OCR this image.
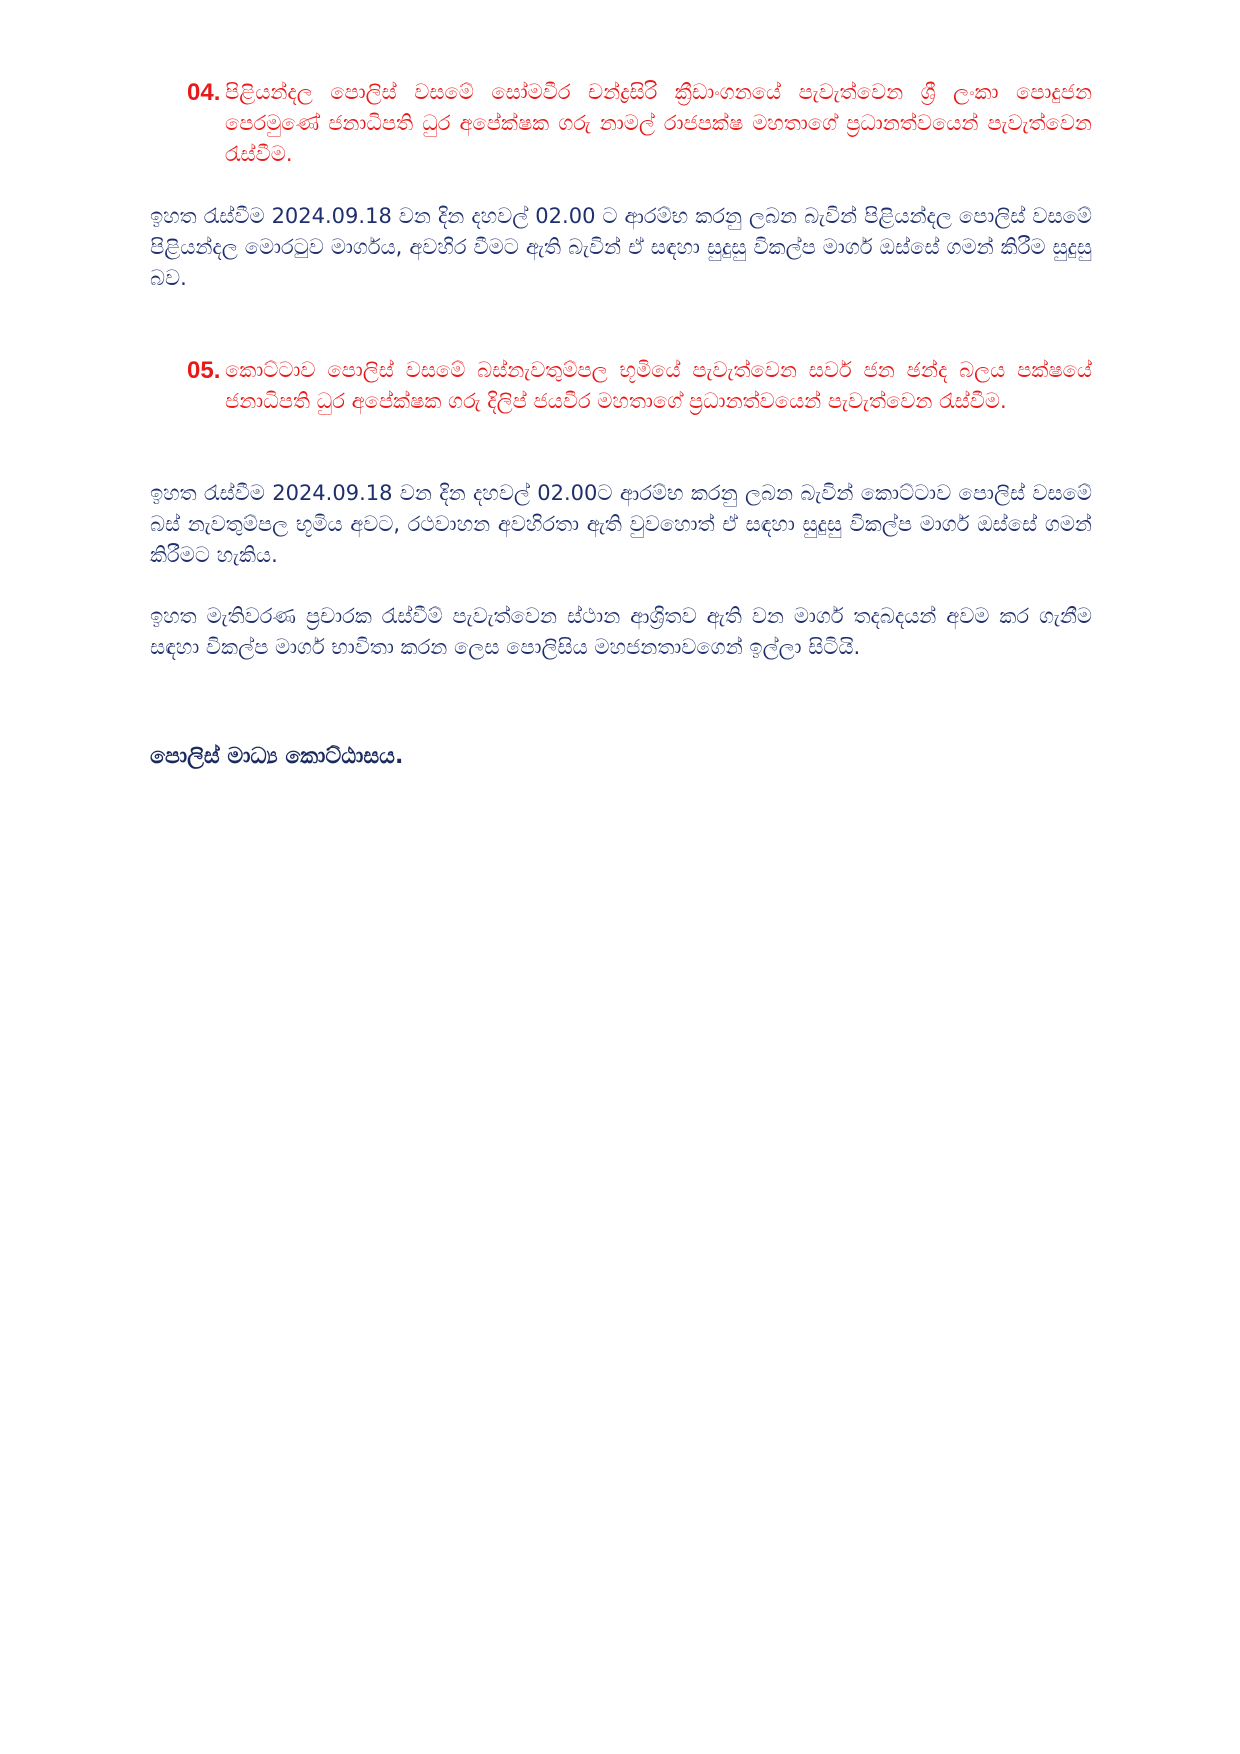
04. පිළියන්දල පොලිස් වසමේ සෝමවීර චන්ද්‍රසිරි ක්‍රීඩාංගනයේ පැවැත්වෙන ශ්‍රී ලංකා පොදුජන පෙරමුණේ ජනාධිපති ධුර අපේක්ෂක ගරු නාමල් රාජපක්ෂ මහතාගේ ප්‍රධානත්වයෙන් පැවැත්වෙන රැස්වීම.
ඉහත රැස්වීම 2024.09.18 වන දින දහවල් 02.00 ට ආරම්භ කරනු ලබන බැවින් පිළියන්දල පොලිස් වසමේ පිළියන්දල මොරටුව මාර්ගය, අවහිර වීමට ඇති බැවින් ඒ සඳහා සුදුසු විකල්ප මාර්ග ඔස්සේ ගමන් කිරීම සුදුසු බව.
05. කොට්ටාව පොලිස් වසමේ බස්නැවතුම්පල භූමියේ පැවැත්වෙන සර්ව ජන ඡන්ද බලය පක්ෂයේ ජනාධිපති ධුර අපේක්ෂක ගරු දිලිප් ජයවීර මහතාගේ ප්‍රධානත්වයෙන් පැවැත්වෙන රැස්වීම.
ඉහත රැස්වීම 2024.09.18 වන දින දහවල් 02.00ට ආරම්භ කරනු ලබන බැවින් කොට්ටාව පොලිස් වසමේ බස් නැවතුම්පල භූමිය අවට, රථවාහන අවහිරතා ඇති වුවහොත් ඒ සඳහා සුදුසු විකල්ප මාර්ග ඔස්සේ ගමන් කිරීමට හැකිය.
ඉහත මැතිවරණ ප්‍රචාරක රැස්වීම් පැවැත්වෙන ස්ථාන ආශ්‍රිතව ඇති වන මාර්ග තදබදයන් අවම කර ගැනීම සඳහා විකල්ප මාර්ග භාවිතා කරන ලෙස පොලිසිය මහජනතාවගෙන් ඉල්ලා සිටියි.
පොලිස් මාධ්‍ය කොට්ඨාසය.
